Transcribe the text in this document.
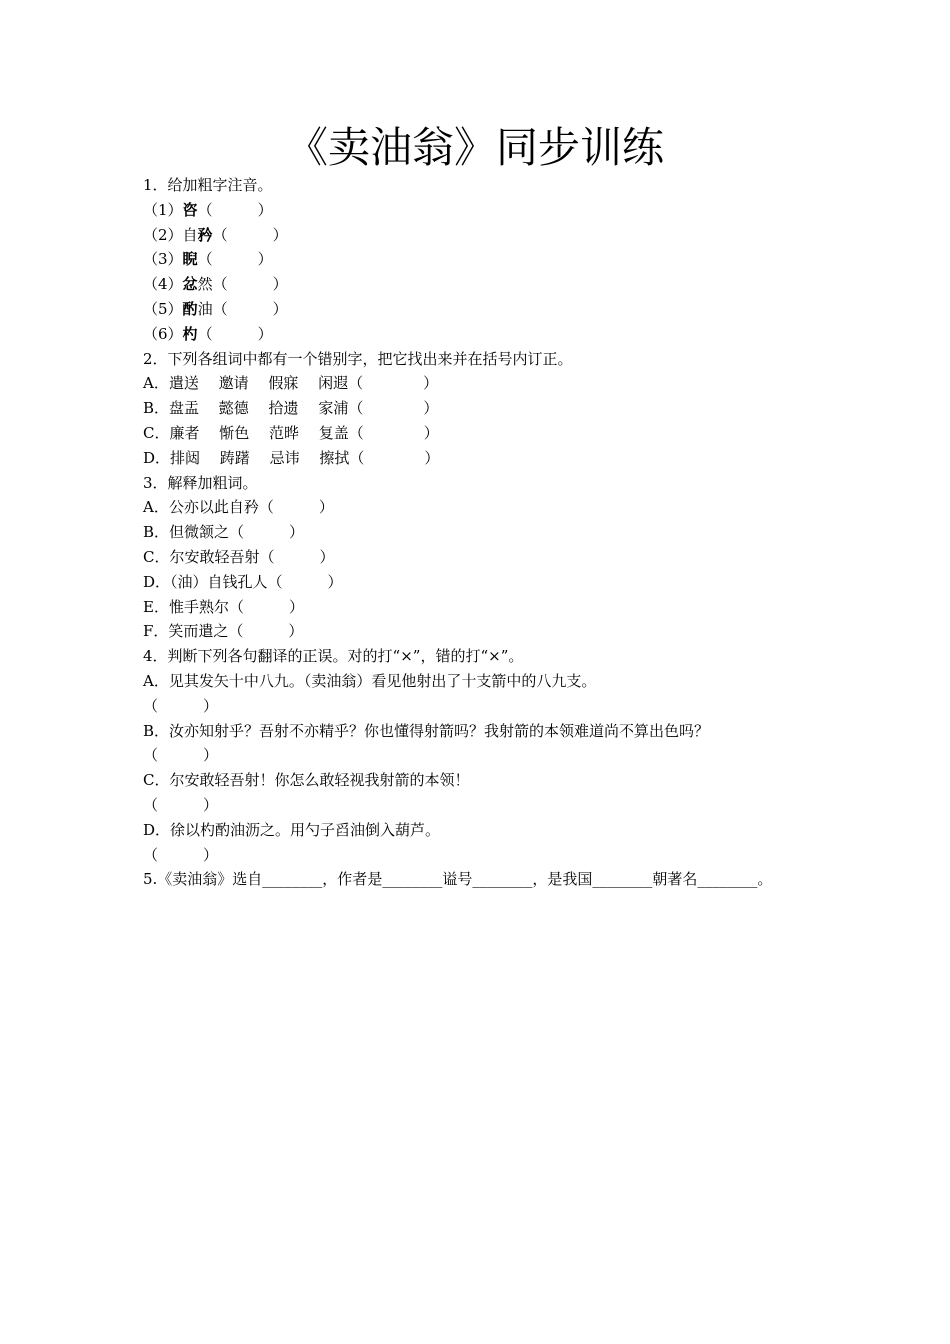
《卖油翁》同步训练
1．给加粗字注音。
（1）咨（　　　）
（2）自矜（　　　）
（3）睨（　　　）
（4）忿然（　　　）
（5）酌油（　　　）
（6）杓（　　　）
2．下列各组词中都有一个错别字，把它找出来并在括号内订正。
A．遣送　 邀请　 假寐　 闲遐（　　　　）
B．盘盂　 懿德　 拾遗　 家浦（　　　　）
C．廉者　 惭色　 范晔　 复盖（　　　　）
D．排闼　 踌躇　 忌讳　 擦拭（　　　　）
3．解释加粗词。
A．公亦以此自矜（　　　）
B．但微颔之（　　　）
C．尔安敢轻吾射（　　　）
D．（油）自钱孔人（　　　）
E．惟手熟尔（　　　）
F．笑而遣之（　　　）
4．判断下列各句翻译的正误。对的打“×”，错的打“×”。
A．见其发矢十中八九。（卖油翁）看见他射出了十支箭中的八九支。
（　　　）
B．汝亦知射乎？吾射不亦精乎？你也懂得射箭吗？我射箭的本领难道尚不算出色吗？
（　　　）
C．尔安敢轻吾射！你怎么敢轻视我射箭的本领！
（　　　）
D．徐以杓酌油沥之。用勺子舀油倒入葫芦。
（　　　）
5.《卖油翁》选自________，作者是________谥号________，是我国________朝著名________。
